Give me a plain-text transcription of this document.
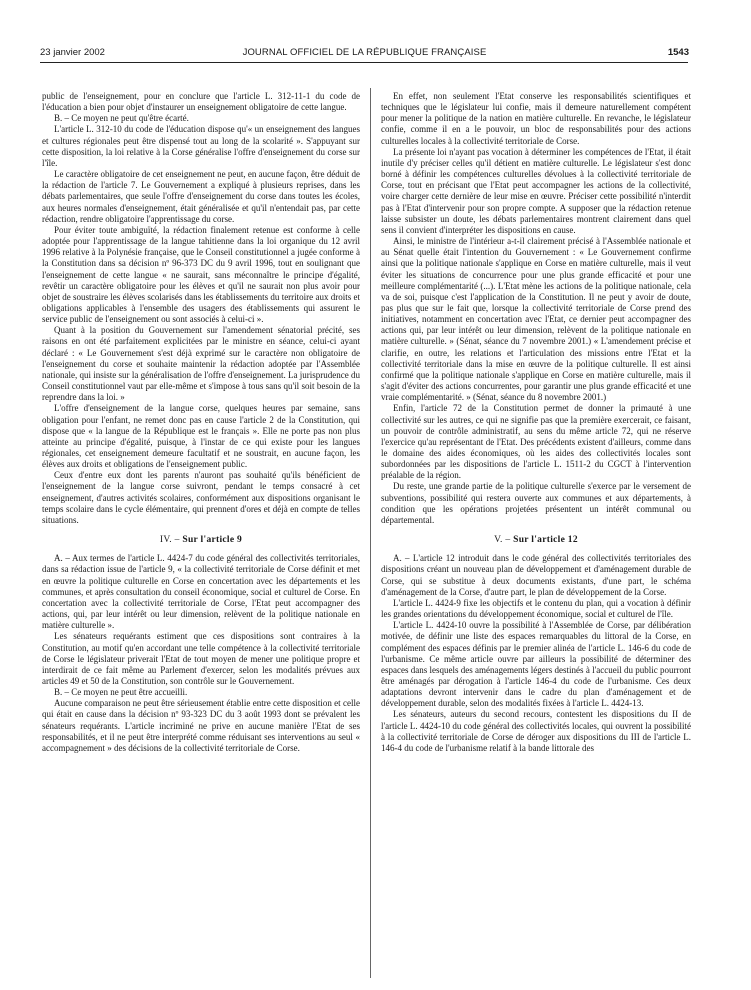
23 janvier 2002	JOURNAL OFFICIEL DE LA RÉPUBLIQUE FRANÇAISE	1543

public de l'enseignement, pour en conclure que l'article L. 312-11-1 du code de l'éducation a bien pour objet d'instaurer un enseignement obligatoire de cette langue.

B. – Ce moyen ne peut qu'être écarté.

L'article L. 312-10 du code de l'éducation dispose qu'« un enseignement des langues et cultures régionales peut être dispensé tout au long de la scolarité ». S'appuyant sur cette disposition, la loi relative à la Corse généralise l'offre d'enseignement du corse sur l'île.

Le caractère obligatoire de cet enseignement ne peut, en aucune façon, être déduit de la rédaction de l'article 7. Le Gouvernement a expliqué à plusieurs reprises, dans les débats parlementaires, que seule l'offre d'enseignement du corse dans toutes les écoles, aux heures normales d'enseignement, était généralisée et qu'il n'entendait pas, par cette rédaction, rendre obligatoire l'apprentissage du corse.

Pour éviter toute ambiguïté, la rédaction finalement retenue est conforme à celle adoptée pour l'apprentissage de la langue tahitienne dans la loi organique du 12 avril 1996 relative à la Polynésie française, que le Conseil constitutionnel a jugée conforme à la Constitution dans sa décision nº 96-373 DC du 9 avril 1996, tout en soulignant que l'enseignement de cette langue « ne saurait, sans méconnaître le principe d'égalité, revêtir un caractère obligatoire pour les élèves et qu'il ne saurait non plus avoir pour objet de soustraire les élèves scolarisés dans les établissements du territoire aux droits et obligations applicables à l'ensemble des usagers des établissements qui assurent le service public de l'enseignement ou sont associés à celui-ci ».

Quant à la position du Gouvernement sur l'amendement sénatorial précité, ses raisons en ont été parfaitement explicitées par le ministre en séance, celui-ci ayant déclaré : « Le Gouvernement s'est déjà exprimé sur le caractère non obligatoire de l'enseignement du corse et souhaite maintenir la rédaction adoptée par l'Assemblée nationale, qui insiste sur la généralisation de l'offre d'enseignement. La jurisprudence du Conseil constitutionnel vaut par elle-même et s'impose à tous sans qu'il soit besoin de la reprendre dans la loi. »

L'offre d'enseignement de la langue corse, quelques heures par semaine, sans obligation pour l'enfant, ne remet donc pas en cause l'article 2 de la Constitution, qui dispose que « la langue de la République est le français ». Elle ne porte pas non plus atteinte au principe d'égalité, puisque, à l'instar de ce qui existe pour les langues régionales, cet enseignement demeure facultatif et ne soustrait, en aucune façon, les élèves aux droits et obligations de l'enseignement public.

Ceux d'entre eux dont les parents n'auront pas souhaité qu'ils bénéficient de l'enseignement de la langue corse suivront, pendant le temps consacré à cet enseignement, d'autres activités scolaires, conformément aux dispositions organisant le temps scolaire dans le cycle élémentaire, qui prennent d'ores et déjà en compte de telles situations.

IV. – Sur l'article 9

A. – Aux termes de l'article L. 4424-7 du code général des collectivités territoriales, dans sa rédaction issue de l'article 9, « la collectivité territoriale de Corse définit et met en œuvre la politique culturelle en Corse en concertation avec les départements et les communes, et après consultation du conseil économique, social et culturel de Corse. En concertation avec la collectivité territoriale de Corse, l'Etat peut accompagner des actions, qui, par leur intérêt ou leur dimension, relèvent de la politique nationale en matière culturelle ».

Les sénateurs requérants estiment que ces dispositions sont contraires à la Constitution, au motif qu'en accordant une telle compétence à la collectivité territoriale de Corse le législateur priverait l'Etat de tout moyen de mener une politique propre et interdirait de ce fait même au Parlement d'exercer, selon les modalités prévues aux articles 49 et 50 de la Constitution, son contrôle sur le Gouvernement.

B. – Ce moyen ne peut être accueilli.

Aucune comparaison ne peut être sérieusement établie entre cette disposition et celle qui était en cause dans la décision nº 93-323 DC du 3 août 1993 dont se prévalent les sénateurs requérants. L'article incriminé ne prive en aucune manière l'Etat de ses responsabilités, et il ne peut être interprété comme réduisant ses interventions au seul « accompagnement » des décisions de la collectivité territoriale de Corse.

En effet, non seulement l'Etat conserve les responsabilités scientifiques et techniques que le législateur lui confie, mais il demeure naturellement compétent pour mener la politique de la nation en matière culturelle. En revanche, le législateur confie, comme il en a le pouvoir, un bloc de responsabilités pour des actions culturelles locales à la collectivité territoriale de Corse.

La présente loi n'ayant pas vocation à déterminer les compétences de l'Etat, il était inutile d'y préciser celles qu'il détient en matière culturelle. Le législateur s'est donc borné à définir les compétences culturelles dévolues à la collectivité territoriale de Corse, tout en précisant que l'Etat peut accompagner les actions de la collectivité, voire charger cette dernière de leur mise en œuvre. Préciser cette possibilité n'interdit pas à l'Etat d'intervenir pour son propre compte. A supposer que la rédaction retenue laisse subsister un doute, les débats parlementaires montrent clairement dans quel sens il convient d'interpréter les dispositions en cause.

Ainsi, le ministre de l'intérieur a-t-il clairement précisé à l'Assemblée nationale et au Sénat quelle était l'intention du Gouvernement : « Le Gouvernement confirme ainsi que la politique nationale s'applique en Corse en matière culturelle, mais il veut éviter les situations de concurrence pour une plus grande efficacité et pour une meilleure complémentarité (...). L'Etat mène les actions de la politique nationale, cela va de soi, puisque c'est l'application de la Constitution. Il ne peut y avoir de doute, pas plus que sur le fait que, lorsque la collectivité territoriale de Corse prend des initiatives, notamment en concertation avec l'Etat, ce dernier peut accompagner des actions qui, par leur intérêt ou leur dimension, relèvent de la politique nationale en matière culturelle. » (Sénat, séance du 7 novembre 2001.) « L'amendement précise et clarifie, en outre, les relations et l'articulation des missions entre l'Etat et la collectivité territoriale dans la mise en œuvre de la politique culturelle. Il est ainsi confirmé que la politique nationale s'applique en Corse en matière culturelle, mais il s'agit d'éviter des actions concurrentes, pour garantir une plus grande efficacité et une vraie complémentarité. » (Sénat, séance du 8 novembre 2001.)

Enfin, l'article 72 de la Constitution permet de donner la primauté à une collectivité sur les autres, ce qui ne signifie pas que la première exercerait, ce faisant, un pouvoir de contrôle administratif, au sens du même article 72, qui ne réserve l'exercice qu'au représentant de l'Etat. Des précédents existent d'ailleurs, comme dans le domaine des aides économiques, où les aides des collectivités locales sont subordonnées par les dispositions de l'article L. 1511-2 du CGCT à l'intervention préalable de la région.

Du reste, une grande partie de la politique culturelle s'exerce par le versement de subventions, possibilité qui restera ouverte aux communes et aux départements, à condition que les opérations projetées présentent un intérêt communal ou départemental.

V. – Sur l'article 12

A. – L'article 12 introduit dans le code général des collectivités territoriales des dispositions créant un nouveau plan de développement et d'aménagement durable de Corse, qui se substitue à deux documents existants, d'une part, le schéma d'aménagement de la Corse, d'autre part, le plan de développement de la Corse.

L'article L. 4424-9 fixe les objectifs et le contenu du plan, qui a vocation à définir les grandes orientations du développement économique, social et culturel de l'île.

L'article L. 4424-10 ouvre la possibilité à l'Assemblée de Corse, par délibération motivée, de définir une liste des espaces remarquables du littoral de la Corse, en complément des espaces définis par le premier alinéa de l'article L. 146-6 du code de l'urbanisme. Ce même article ouvre par ailleurs la possibilité de déterminer des espaces dans lesquels des aménagements légers destinés à l'accueil du public pourront être aménagés par dérogation à l'article 146-4 du code de l'urbanisme. Ces deux adaptations devront intervenir dans le cadre du plan d'aménagement et de développement durable, selon des modalités fixées à l'article L. 4424-13.

Les sénateurs, auteurs du second recours, contestent les dispositions du II de l'article L. 4424-10 du code général des collectivités locales, qui ouvrent la possibilité à la collectivité territoriale de Corse de déroger aux dispositions du III de l'article L. 146-4 du code de l'urbanisme relatif à la bande littorale des
